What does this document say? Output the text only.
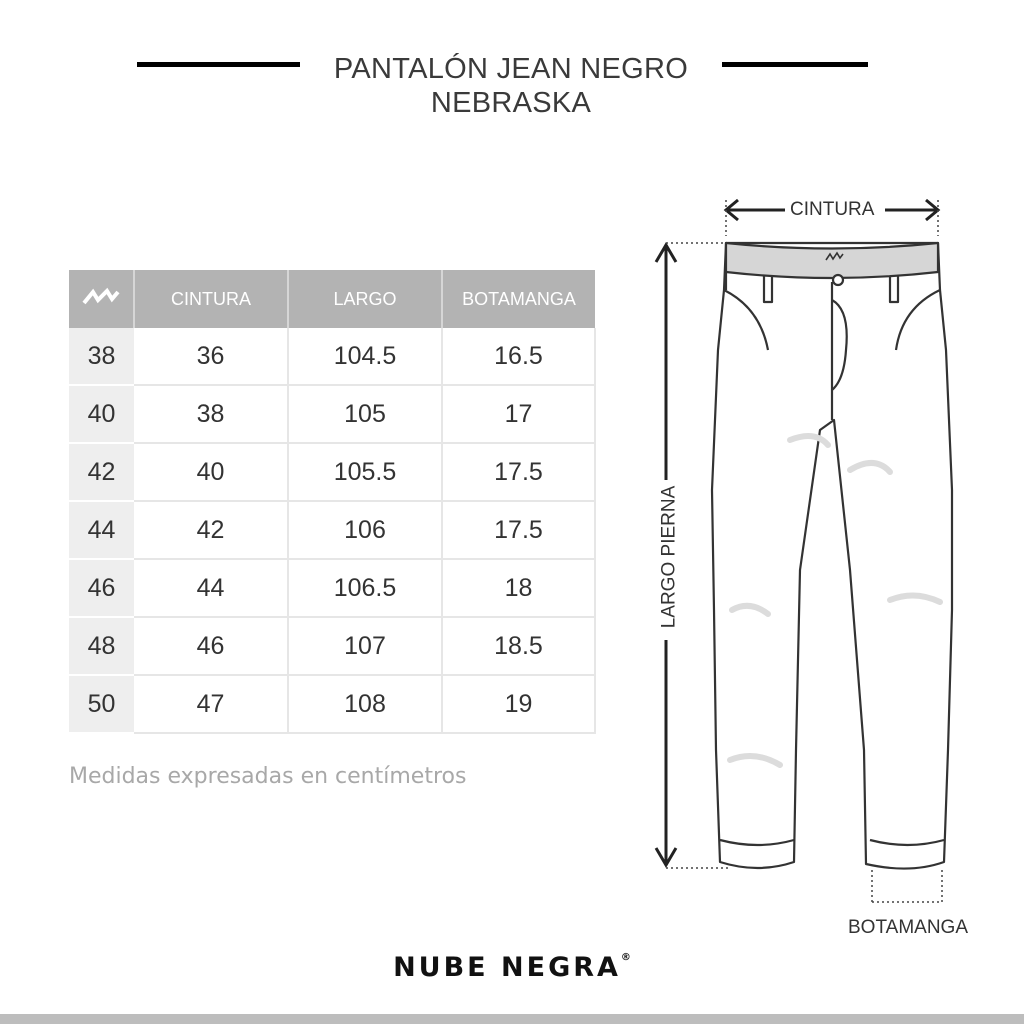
PANTALÓN JEAN NEGRO
NEBRASKA
	CINTURA	LARGO	BOTAMANGA
38	36	104.5	16.5
40	38	105	17
42	40	105.5	17.5
44	42	106	17.5
46	44	106.5	18
48	46	107	18.5
50	47	108	19
Medidas expresadas en centímetros
CINTURA
LARGO PIERNA
BOTAMANGA
NUBE NEGRA®
